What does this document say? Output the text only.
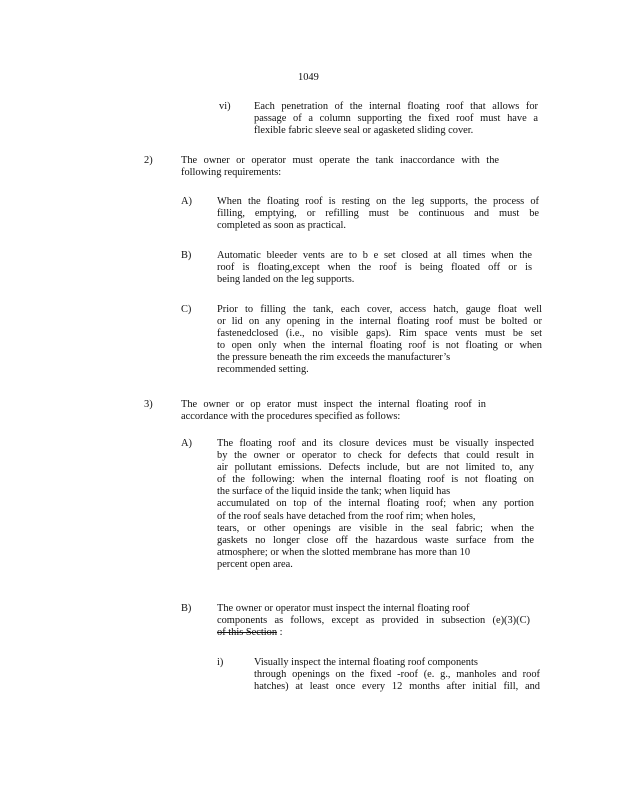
1049
vi) Each penetration of the internal floating roof that allows for
passage of a column supporting the fixed roof must have a
flexible fabric sleeve seal or agasketed sliding cover.
2)	The owner or operator must operate the tank inaccordance with the
following requirements:
A) When the floating roof is resting on the leg supports, the process of
filling, emptying, or refilling must be continuous and must be
completed as soon as practical.
B) Automatic bleeder vents are to b e set closed at all times when the
roof is floating,except when the roof is being floated off or is
being landed on the leg supports.
C) Prior to filling the tank, each cover, access hatch, gauge float well
or lid on any opening in the internal floating roof must be bolted or
fastenedclosed (i.e., no visible gaps). Rim space vents must be set
to open only when the internal floating roof is not floating or when
the pressure beneath the rim exceeds the manufacturer’s
recommended setting.
3)	The owner or op erator must inspect the internal floating roof in
accordance with the procedures specified as follows:
A) The floating roof and its closure devices must be visually inspected
by the owner or operator to check for defects that could result in
air pollutant emissions. Defects include, but are not limited to, any
of the following: when the internal floating roof is not floating on
the surface of the liquid inside the tank; when liquid has
accumulated on top of the internal floating roof; when any portion
of the roof seals have detached from the roof rim; when holes,
tears, or other openings are visible in the seal fabric; when the
gaskets no longer close off the hazardous waste surface from the
atmosphere; or when the slotted membrane has more than 10
percent open area.
B) The owner or operator must inspect the internal floating roof
components as follows, except as provided in subsection (e)(3)(C)
of this Section :
i)	Visually inspect the internal floating roof components
through openings on the fixed -roof (e. g., manholes and roof
hatches) at least once every 12 months after initial fill, and
